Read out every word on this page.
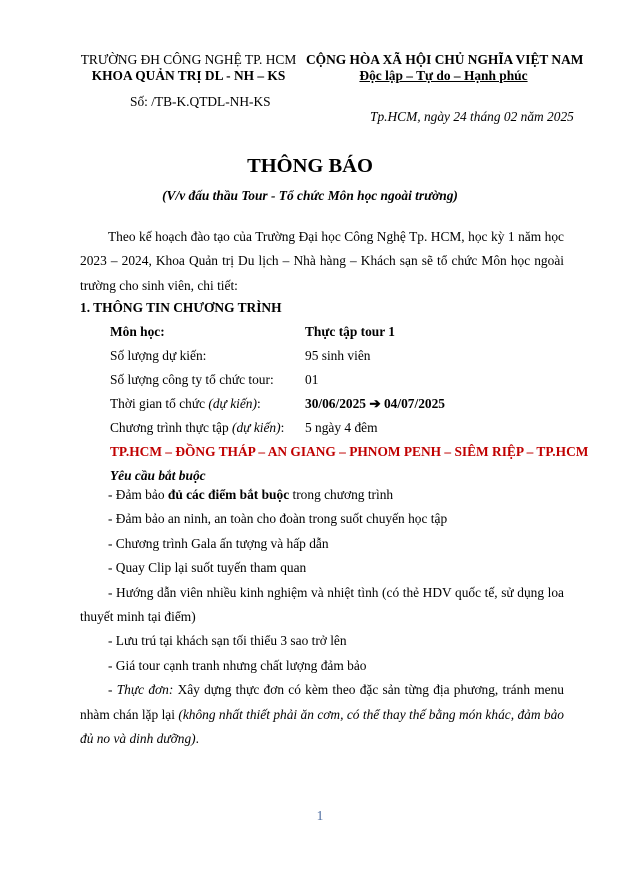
TRƯỜNG ĐH CÔNG NGHỆ TP. HCM
KHOA QUẢN TRỊ DL - NH – KS
CỘNG HÒA XÃ HỘI CHỦ NGHĨA VIỆT NAM
Độc lập – Tự do – Hạnh phúc
Số: /TB-K.QTDL-NH-KS
Tp.HCM, ngày 24 tháng 02 năm 2025
THÔNG BÁO
(V/v đấu thầu Tour - Tổ chức Môn học ngoài trường)

Theo kế hoạch đào tạo của Trường Đại học Công Nghệ Tp. HCM, học kỳ 1 năm học 2023 – 2024, Khoa Quản trị Du lịch – Nhà hàng – Khách sạn sẽ tổ chức Môn học ngoài trường cho sinh viên, chi tiết:

1. THÔNG TIN CHƯƠNG TRÌNH
Môn học:	Thực tập tour 1
Số lượng dự kiến:	95 sinh viên
Số lượng công ty tổ chức tour: 01
Thời gian tổ chức (dự kiến):	30/06/2025 ➔ 04/07/2025
Chương trình thực tập (dự kiến): 5 ngày 4 đêm
TP.HCM – ĐỒNG THÁP – AN GIANG – PHNOM PENH – SIÊM RIỆP – TP.HCM
Yêu cầu bắt buộc

- Đảm bảo đủ các điểm bắt buộc trong chương trình

- Đảm bảo an ninh, an toàn cho đoàn trong suốt chuyến học tập

- Chương trình Gala ấn tượng và hấp dẫn

- Quay Clip lại suốt tuyến tham quan

- Hướng dẫn viên nhiều kinh nghiệm và nhiệt tình (có thẻ HDV quốc tế, sử dụng loa thuyết minh tại điểm)

- Lưu trú tại khách sạn tối thiểu 3 sao trở lên

- Giá tour cạnh tranh nhưng chất lượng đảm bảo

- Thực đơn: Xây dựng thực đơn có kèm theo đặc sản từng địa phương, tránh menu nhàm chán lặp lại (không nhất thiết phải ăn cơm, có thể thay thế bằng món khác, đảm bảo đủ no và dinh dưỡng).

1
